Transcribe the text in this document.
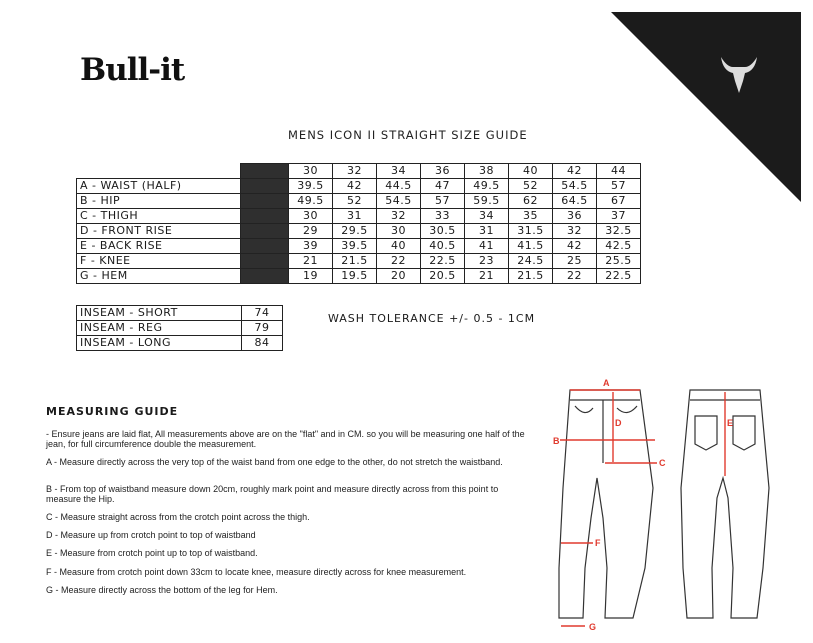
Bull-it
MENS ICON II STRAIGHT SIZE GUIDE
		30	32	34	36	38	40	42	44
A - WAIST (HALF)		39.5	42	44.5	47	49.5	52	54.5	57
B - HIP		49.5	52	54.5	57	59.5	62	64.5	67
C - THIGH		30	31	32	33	34	35	36	37
D - FRONT RISE		29	29.5	30	30.5	31	31.5	32	32.5
E - BACK RISE		39	39.5	40	40.5	41	41.5	42	42.5
F - KNEE		21	21.5	22	22.5	23	24.5	25	25.5
G - HEM		19	19.5	20	20.5	21	21.5	22	22.5
INSEAM - SHORT	74
INSEAM - REG	79
INSEAM - LONG	84
WASH TOLERANCE +/- 0.5 - 1CM
MEASURING GUIDE
- Ensure jeans are laid flat, All measurements above are on the "flat" and in CM. so you will be measuring one half of the jean, for full circumference double the measurement.
A - Measure directly across the very top of the waist band from one edge to the other, do not stretch the waistband.
B - From top of waistband measure down 20cm, roughly mark point and measure directly across from this point to measure the Hip.
C - Measure straight across from the crotch point across the thigh.
D - Measure up from crotch point to top of waistband
E - Measure from crotch point up to top of waistband.
F - Measure from crotch point down 33cm to locate knee, measure directly across for knee measurement.
G - Measure directly across the bottom of the leg for Hem.
A
B
C
D	E
F
G
